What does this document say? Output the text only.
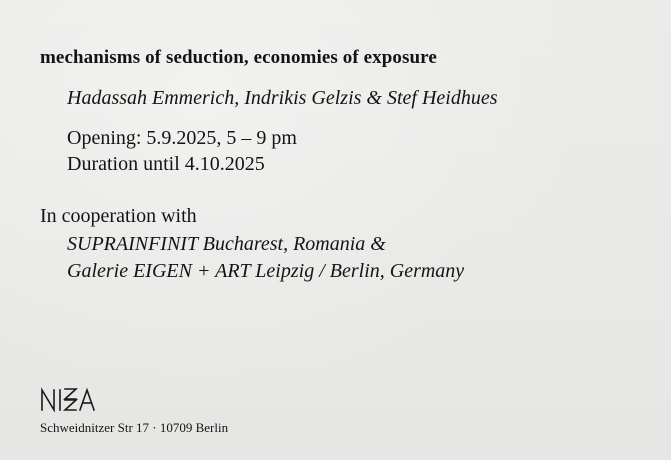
mechanisms of seduction, economies of exposure
Hadassah Emmerich, Indrikis Gelzis & Stef Heidhues
Opening: 5.9.2025, 5 – 9 pm
Duration until 4.10.2025
In cooperation with
SUPRAINFINIT Bucharest, Romania &
Galerie EIGEN + ART Leipzig / Berlin, Germany
Schweidnitzer Str 17 · 10709 Berlin
